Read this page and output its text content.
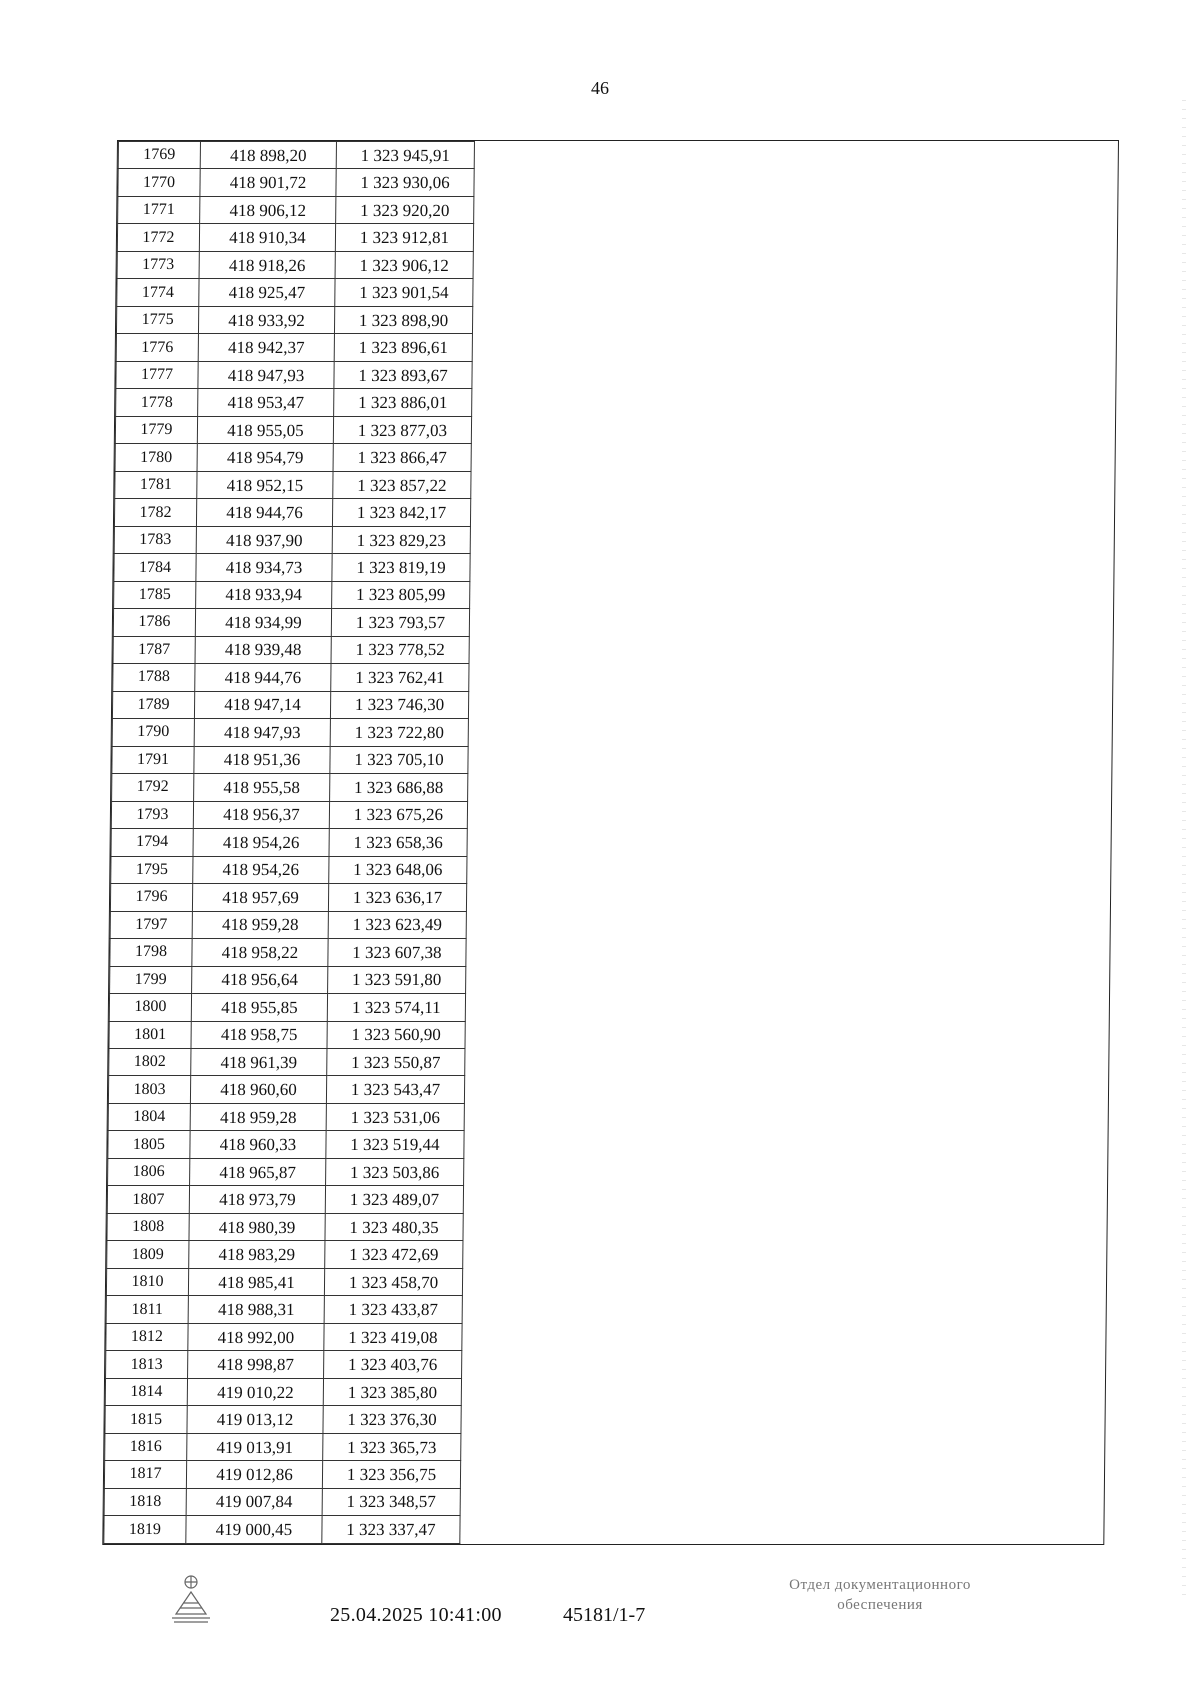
46
1769	418 898,20	1 323 945,91
1770	418 901,72	1 323 930,06
1771	418 906,12	1 323 920,20
1772	418 910,34	1 323 912,81
1773	418 918,26	1 323 906,12
1774	418 925,47	1 323 901,54
1775	418 933,92	1 323 898,90
1776	418 942,37	1 323 896,61
1777	418 947,93	1 323 893,67
1778	418 953,47	1 323 886,01
1779	418 955,05	1 323 877,03
1780	418 954,79	1 323 866,47
1781	418 952,15	1 323 857,22
1782	418 944,76	1 323 842,17
1783	418 937,90	1 323 829,23
1784	418 934,73	1 323 819,19
1785	418 933,94	1 323 805,99
1786	418 934,99	1 323 793,57
1787	418 939,48	1 323 778,52
1788	418 944,76	1 323 762,41
1789	418 947,14	1 323 746,30
1790	418 947,93	1 323 722,80
1791	418 951,36	1 323 705,10
1792	418 955,58	1 323 686,88
1793	418 956,37	1 323 675,26
1794	418 954,26	1 323 658,36
1795	418 954,26	1 323 648,06
1796	418 957,69	1 323 636,17
1797	418 959,28	1 323 623,49
1798	418 958,22	1 323 607,38
1799	418 956,64	1 323 591,80
1800	418 955,85	1 323 574,11
1801	418 958,75	1 323 560,90
1802	418 961,39	1 323 550,87
1803	418 960,60	1 323 543,47
1804	418 959,28	1 323 531,06
1805	418 960,33	1 323 519,44
1806	418 965,87	1 323 503,86
1807	418 973,79	1 323 489,07
1808	418 980,39	1 323 480,35
1809	418 983,29	1 323 472,69
1810	418 985,41	1 323 458,70
1811	418 988,31	1 323 433,87
1812	418 992,00	1 323 419,08
1813	418 998,87	1 323 403,76
1814	419 010,22	1 323 385,80
1815	419 013,12	1 323 376,30
1816	419 013,91	1 323 365,73
1817	419 012,86	1 323 356,75
1818	419 007,84	1 323 348,57
1819	419 000,45	1 323 337,47
25.04.2025 10:41:00	45181/1-7
Отдел документационного
обеспечения
